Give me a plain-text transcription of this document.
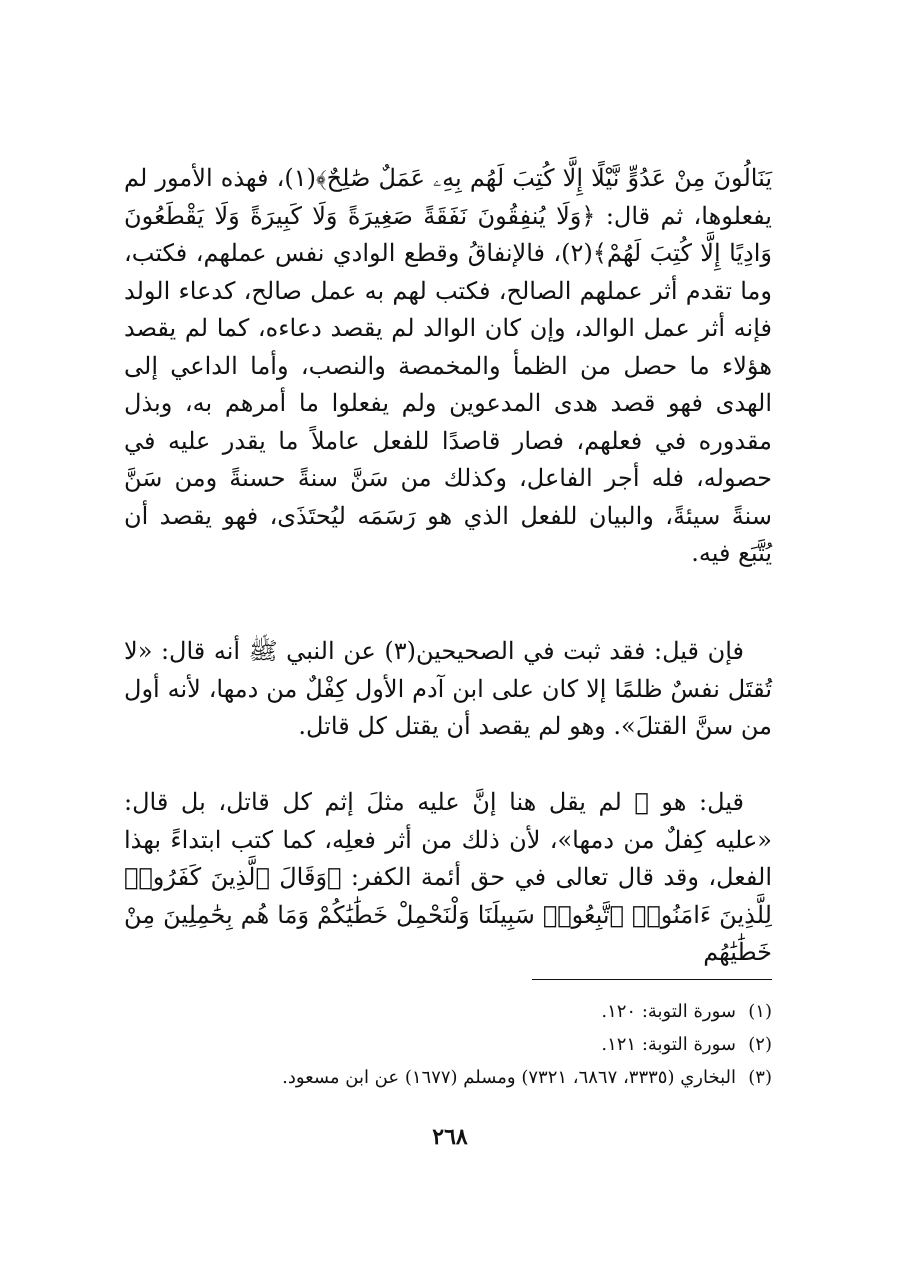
يَنَالُونَ مِنْ عَدُوٍّ نَّيْلًا إِلَّا كُتِبَ لَهُم بِهِۦ عَمَلٌ صَٰلِحٌ﴾(١)، فهذه الأمور لم يفعلوها، ثم قال: ﴿وَلَا يُنفِقُونَ نَفَقَةً صَغِيرَةً وَلَا كَبِيرَةً وَلَا يَقْطَعُونَ وَادِيًا إِلَّا كُتِبَ لَهُمْ﴾(٢)، فالإنفاقُ وقطع الوادي نفس عملهم، فكتب، وما تقدم أثر عملهم الصالح، فكتب لهم به عمل صالح، كدعاء الولد فإنه أثر عمل الوالد، وإن كان الوالد لم يقصد دعاءه، كما لم يقصد هؤلاء ما حصل من الظمأ والمخمصة والنصب، وأما الداعي إلى الهدى فهو قصد هدى المدعوين ولم يفعلوا ما أمرهم به، وبذل مقدوره في فعلهم، فصار قاصدًا للفعل عاملاً ما يقدر عليه في حصوله، فله أجر الفاعل، وكذلك من سَنَّ سنةً حسنةً ومن سَنَّ سنةً سيئةً، والبيان للفعل الذي هو رَسَمَه ليُحتَذَى، فهو يقصد أن يُتَّبَع فيه.
فإن قيل: فقد ثبت في الصحيحين(٣) عن النبي ﷺ أنه قال: «لا تُقتَل نفسٌ ظلمًا إلا كان على ابن آدم الأول كِفْلٌ من دمها، لأنه أول من سنَّ القتلَ». وهو لم يقصد أن يقتل كل قاتل.
قيل: هو ﷺ لم يقل هنا إنَّ عليه مثلَ إثم كل قاتل، بل قال: «عليه كِفلٌ من دمها»، لأن ذلك من أثر فعلِه، كما كتب ابتداءً بهذا الفعل، وقد قال تعالى في حق أئمة الكفر: ﴿وَقَالَ ٱلَّذِينَ كَفَرُوا۟ لِلَّذِينَ ءَامَنُوا۟ ٱتَّبِعُوا۟ سَبِيلَنَا وَلْنَحْمِلْ خَطَٰيَٰكُمْ وَمَا هُم بِحَٰمِلِينَ مِنْ خَطَٰيَٰهُم
(١)
سورة التوبة: ١٢٠.
(٢)
سورة التوبة: ١٢١.
(٣)
البخاري (٣٣٣٥، ٦٨٦٧، ٧٣٢١) ومسلم (١٦٧٧) عن ابن مسعود.
٢٦٨
